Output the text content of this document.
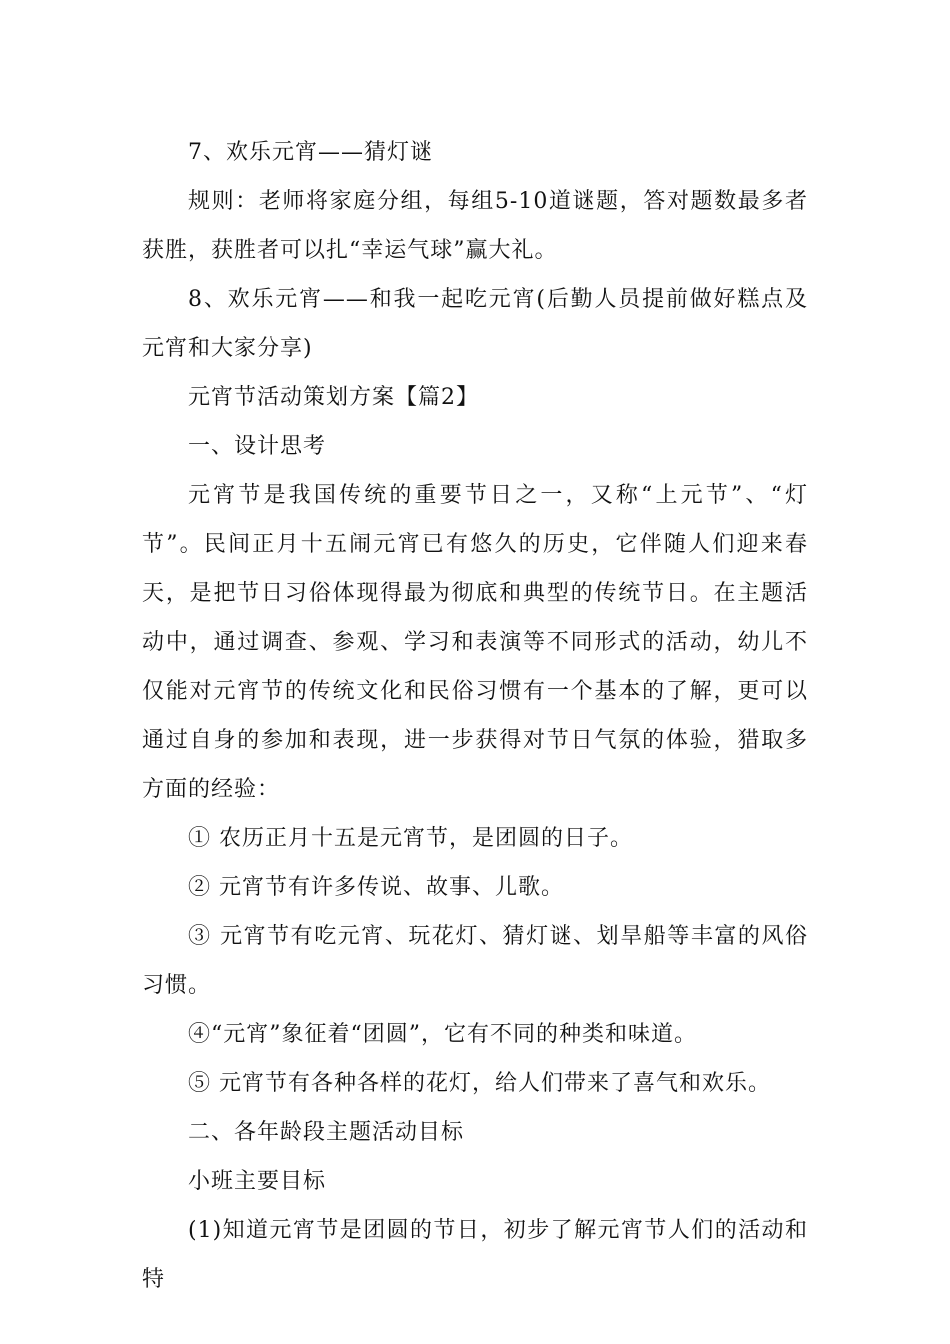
7、欢乐元宵——猜灯谜

规则：老师将家庭分组，每组5-10道谜题，答对题数最多者获胜，获胜者可以扎“幸运气球”赢大礼。

8、欢乐元宵——和我一起吃元宵(后勤人员提前做好糕点及元宵和大家分享)

元宵节活动策划方案【篇2】

一、设计思考

元宵节是我国传统的重要节日之一，又称“上元节”、“灯节”。民间正月十五闹元宵已有悠久的历史，它伴随人们迎来春天，是把节日习俗体现得最为彻底和典型的传统节日。在主题活动中，通过调查、参观、学习和表演等不同形式的活动，幼儿不仅能对元宵节的传统文化和民俗习惯有一个基本的了解，更可以通过自身的参加和表现，进一步获得对节日气氛的体验，猎取多方面的经验：

① 农历正月十五是元宵节，是团圆的日子。

② 元宵节有许多传说、故事、儿歌。

③ 元宵节有吃元宵、玩花灯、猜灯谜、划旱船等丰富的风俗习惯。

④“元宵”象征着“团圆”，它有不同的种类和味道。

⑤ 元宵节有各种各样的花灯，给人们带来了喜气和欢乐。

二、各年龄段主题活动目标

小班主要目标

(1)知道元宵节是团圆的节日，初步了解元宵节人们的活动和特
